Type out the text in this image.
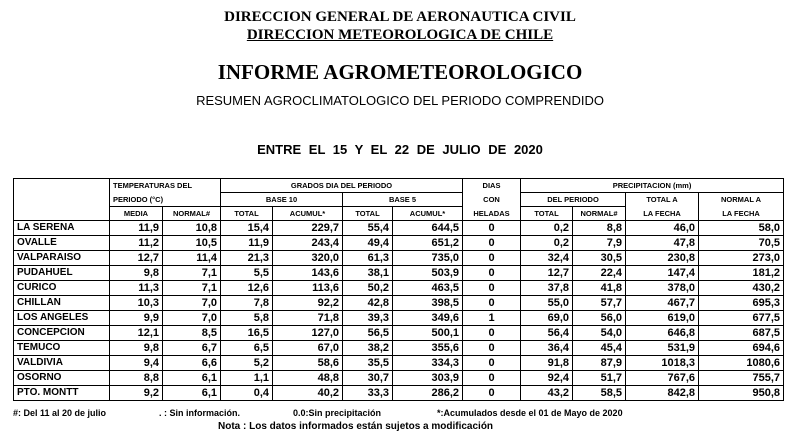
DIRECCION GENERAL DE AERONAUTICA CIVIL
DIRECCION METEOROLOGICA DE CHILE
INFORME AGROMETEOROLOGICO
RESUMEN AGROCLIMATOLOGICO DEL PERIODO COMPRENDIDO
ENTRE EL 15 Y EL 22 DE JULIO DE 2020
	TEMPERATURAS DEL		GRADOS DIA DEL PERIODO				DIAS	PRECIPITACION (mm)			
	PERIODO (°C)		BASE 10		BASE 5		CON	DEL PERIODO		TOTAL A	NORMAL A
	MEDIA	NORMAL#	TOTAL	ACUMUL*	TOTAL	ACUMUL*	HELADAS	TOTAL	NORMAL#	LA FECHA	LA FECHA
LA SERENA	11,9	10,8	15,4	229,7	55,4	644,5	0	0,2	8,8	46,0	58,0
OVALLE	11,2	10,5	11,9	243,4	49,4	651,2	0	0,2	7,9	47,8	70,5
VALPARAISO	12,7	11,4	21,3	320,0	61,3	735,0	0	32,4	30,5	230,8	273,0
PUDAHUEL	9,8	7,1	5,5	143,6	38,1	503,9	0	12,7	22,4	147,4	181,2
CURICO	11,3	7,1	12,6	113,6	50,2	463,5	0	37,8	41,8	378,0	430,2
CHILLAN	10,3	7,0	7,8	92,2	42,8	398,5	0	55,0	57,7	467,7	695,3
LOS ANGELES	9,9	7,0	5,8	71,8	39,3	349,6	1	69,0	56,0	619,0	677,5
CONCEPCION	12,1	8,5	16,5	127,0	56,5	500,1	0	56,4	54,0	646,8	687,5
TEMUCO	9,8	6,7	6,5	67,0	38,2	355,6	0	36,4	45,4	531,9	694,6
VALDIVIA	9,4	6,6	5,2	58,6	35,5	334,3	0	91,8	87,9	1018,3	1080,6
OSORNO	8,8	6,1	1,1	48,8	30,7	303,9	0	92,4	51,7	767,6	755,7
PTO. MONTT	9,2	6,1	0,4	40,2	33,3	286,2	0	43,2	58,5	842,8	950,8
#: Del 11 al 20 de julio	. : Sin información.	0.0:Sin precipitación	*:Acumulados desde el 01 de Mayo de 2020
Nota : Los datos informados están sujetos a modificación
